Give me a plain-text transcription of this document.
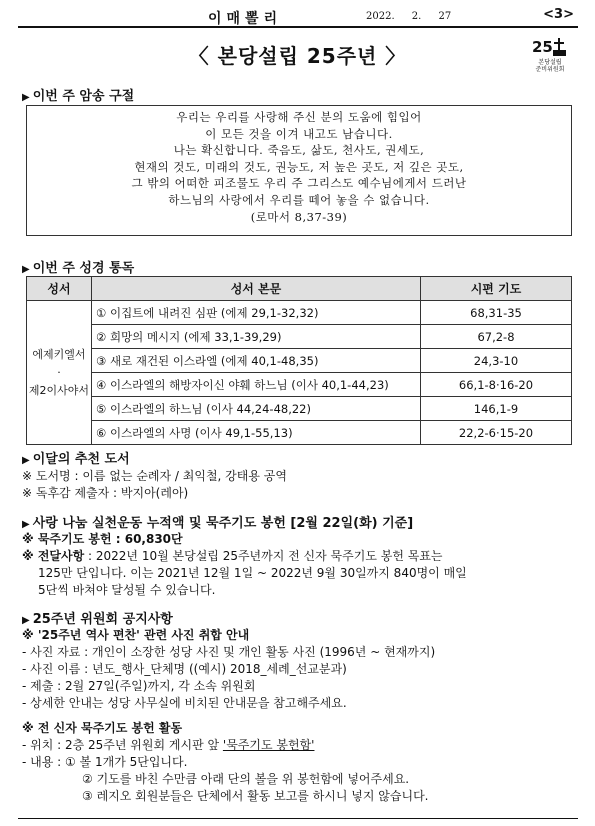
이매뽈리	2022. 2. 27	<3>
〈 본당설립 25주년 〉	25
본당설립
준비위원회
▶ 이번 주 암송 구절
우리는 우리를 사랑해 주신 분의 도움에 힘입어
이 모든 것을 이겨 내고도 남습니다.
나는 확신합니다. 죽음도, 삶도, 천사도, 권세도,
현재의 것도, 미래의 것도, 권능도, 저 높은 곳도, 저 깊은 곳도,
그 밖의 어떠한 피조물도 우리 주 그리스도 예수님에게서 드러난
하느님의 사랑에서 우리를 떼어 놓을 수 없습니다.
(로마서 8,37-39)
▶ 이번 주 성경 통독
성서	성서 본문	시편 기도

에제키엘서
·
제2이사야서	① 이집트에 내려진 심판 (에제 29,1-32,32)	68,31-35
	② 희망의 메시지 (에제 33,1-39,29)	67,2-8
	③ 새로 재건된 이스라엘 (에제 40,1-48,35)	24,3-10
	④ 이스라엘의 해방자이신 야훼 하느님 (이사 40,1-44,23)	66,1-8·16-20
	⑤ 이스라엘의 하느님 (이사 44,24-48,22)	146,1-9
	⑥ 이스라엘의 사명 (이사 49,1-55,13)	22,2-6·15-20
▶ 이달의 추천 도서
※ 도서명 : 이름 없는 순례자 / 최익철, 강태용 공역
※ 독후감 제출자 : 박지아(레아)
▶ 사랑 나눔 실천운동 누적액 및 묵주기도 봉헌 [2월 22일(화) 기준]
※ 묵주기도 봉헌 : 60,830단
※ 전달사항 : 2022년 10월 본당설립 25주년까지 전 신자 묵주기도 봉헌 목표는
125만 단입니다. 이는 2021년 12월 1일 ~ 2022년 9월 30일까지 840명이 매일
5단씩 바쳐야 달성될 수 있습니다.
▶ 25주년 위원회 공지사항
※ '25주년 역사 편찬' 관련 사진 취합 안내
- 사진 자료 : 개인이 소장한 성당 사진 및 개인 활동 사진 (1996년 ~ 현재까지)
- 사진 이름 : 년도_행사_단체명 ((예시) 2018_세례_선교분과)
- 제출 : 2월 27일(주일)까지, 각 소속 위원회
- 상세한 안내는 성당 사무실에 비치된 안내문을 참고해주세요.
※ 전 신자 묵주기도 봉헌 활동
- 위치 : 2층 25주년 위원회 게시판 앞 '묵주기도 봉헌함'
- 내용 : ① 볼 1개가 5단입니다.
② 기도를 바친 수만큼 아래 단의 볼을 위 봉헌함에 넣어주세요.
③ 레지오 회원분들은 단체에서 활동 보고를 하시니 넣지 않습니다.
